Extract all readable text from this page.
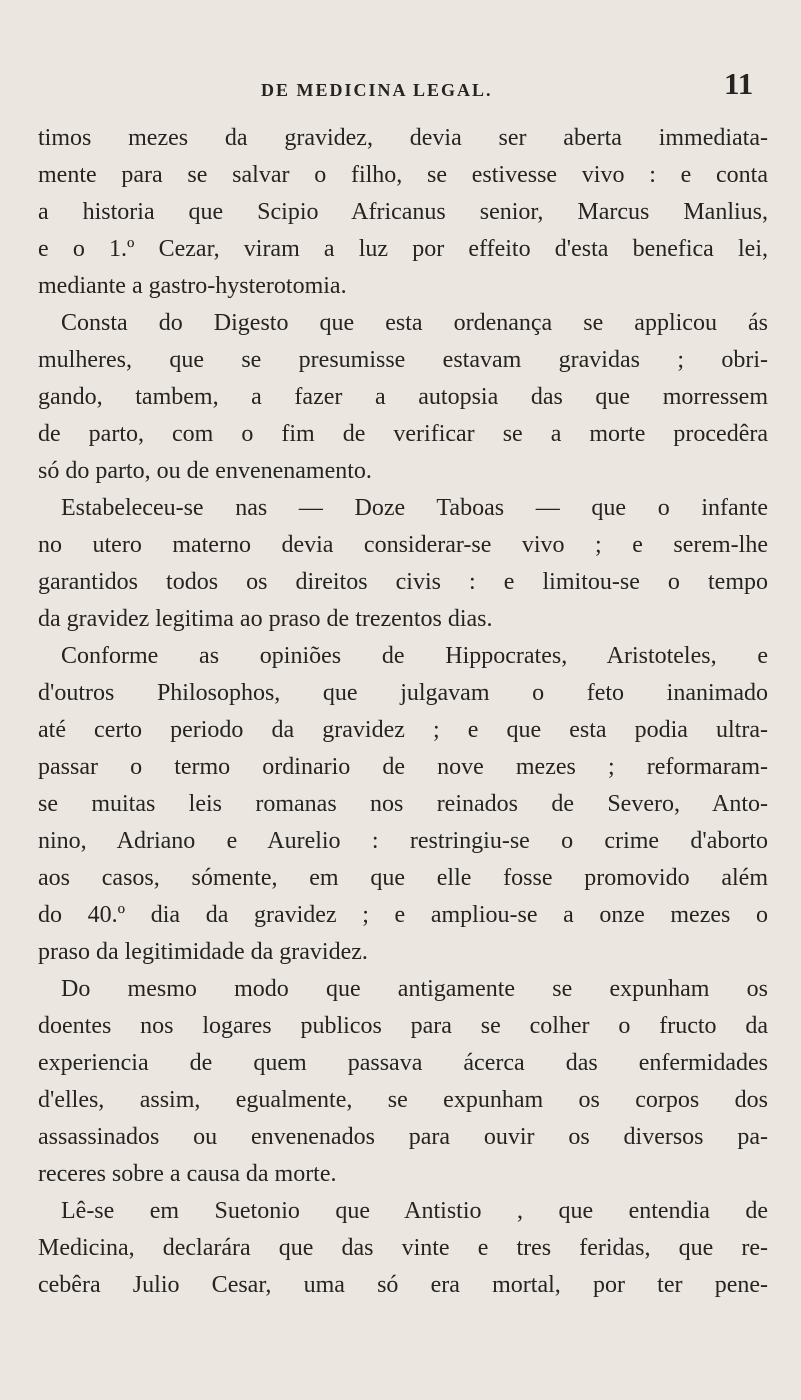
DE MEDICINA LEGAL.	11
timos mezes da gravidez, devia ser aberta immediata-
mente para se salvar o filho, se estivesse vivo : e conta
a historia que Scipio Africanus senior, Marcus Manlius,
e o 1.º Cezar, viram a luz por effeito d'esta benefica lei,
mediante a gastro-hysterotomia.
Consta do Digesto que esta ordenança se applicou ás
mulheres, que se presumisse estavam gravidas ; obri-
gando, tambem, a fazer a autopsia das que morressem
de parto, com o fim de verificar se a morte procedêra
só do parto, ou de envenenamento.
Estabeleceu-se nas — Doze Taboas — que o infante
no utero materno devia considerar-se vivo ; e serem-lhe
garantidos todos os direitos civis : e limitou-se o tempo
da gravidez legitima ao praso de trezentos dias.
Conforme as opiniões de Hippocrates, Aristoteles, e
d'outros Philosophos, que julgavam o feto inanimado
até certo periodo da gravidez ; e que esta podia ultra-
passar o termo ordinario de nove mezes ; reformaram-
se muitas leis romanas nos reinados de Severo, Anto-
nino, Adriano e Aurelio : restringiu-se o crime d'aborto
aos casos, sómente, em que elle fosse promovido além
do 40.º dia da gravidez ; e ampliou-se a onze mezes o
praso da legitimidade da gravidez.
Do mesmo modo que antigamente se expunham os
doentes nos logares publicos para se colher o fructo da
experiencia de quem passava ácerca das enfermidades
d'elles, assim, egualmente, se expunham os corpos dos
assassinados ou envenenados para ouvir os diversos pa-
receres sobre a causa da morte.
Lê-se em Suetonio que Antistio , que entendia de
Medicina, declarára que das vinte e tres feridas, que re-
cebêra Julio Cesar, uma só era mortal, por ter pene-
